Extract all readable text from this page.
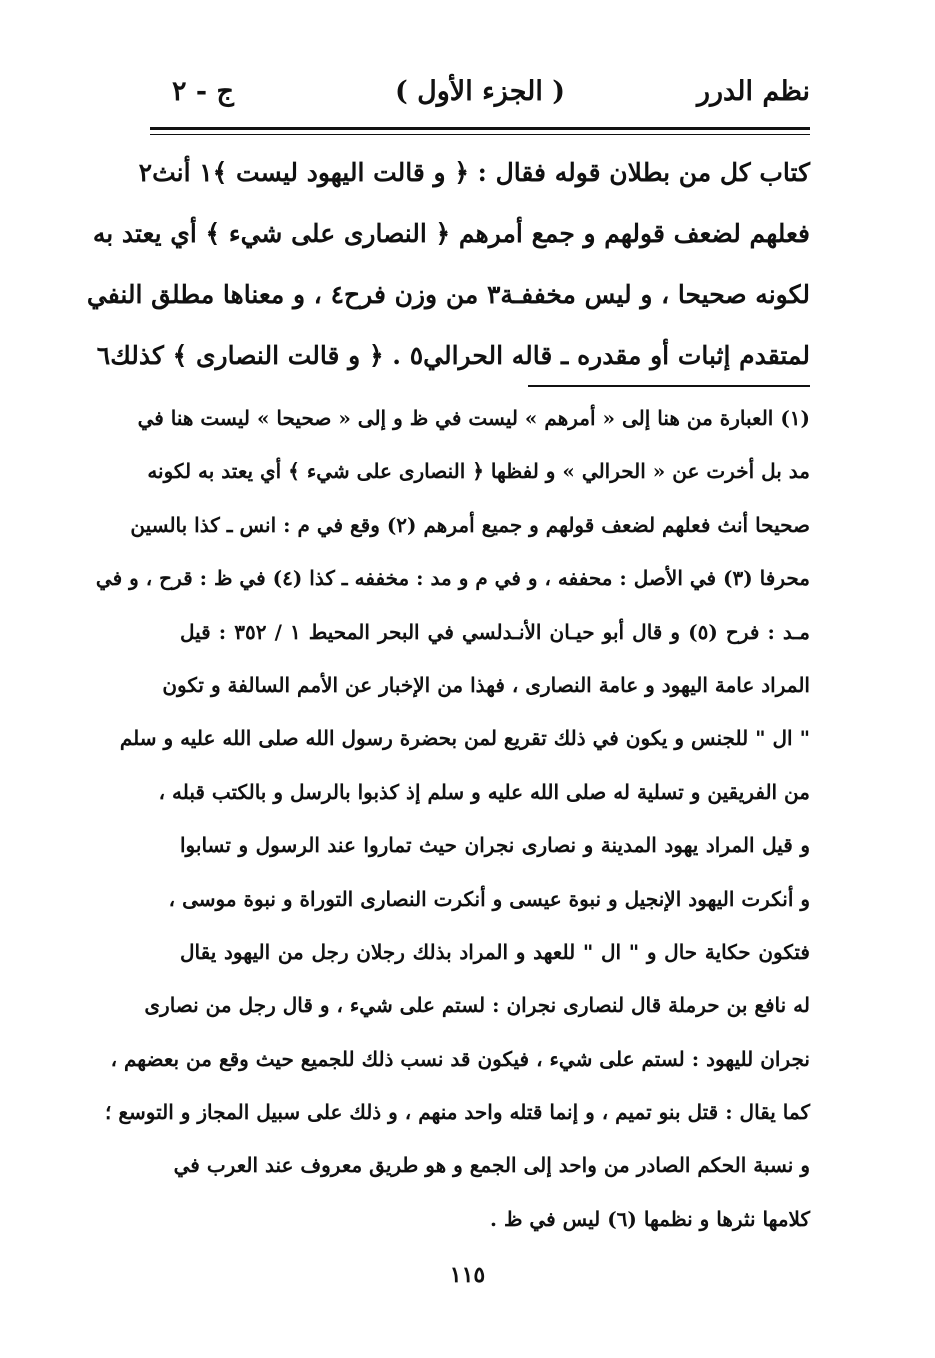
نظم الدرر
( الجزء الأول )
ج - ٢
كتاب كل من بطلان قوله فقال : ﴿ و قالت اليهود ليست ﴾١ أنث٢
فعلهم لضعف قولهم و جمع أمرهم ﴿ النصارى على شيء ﴾ أي يعتد به
لكونه صحيحا ، و ليس مخففـة٣ من وزن فرح٤ ، و معناها مطلق النفي
لمتقدم إثبات أو مقدره ـ قاله الحرالي٥ . ﴿ و قالت النصارى ﴾ كذلك٦
(١) العبارة من هنا إلى « أمرهم » ليست في ظ و إلى « صحيحا » ليست هنا في
مد بل أخرت عن « الحرالي » و لفظها ﴿ النصارى على شيء ﴾ أي يعتد به لكونه
صحيحا أنث فعلهم لضعف قولهم و جميع أمرهم (٢) وقع في م : انس ـ كذا بالسين
محرفا (٣) في الأصل : محففه ، و في م و مد : مخففه ـ كذا (٤) في ظ : قرح ، و في
مـد : فرح (٥) و قال أبو حيـان الأنـدلسي في البحر المحيط ١ / ٣٥٢ : قيل
المراد عامة اليهود و عامة النصارى ، فهذا من الإخبار عن الأمم السالفة و تكون
" ال " للجنس و يكون في ذلك تقريع لمن بحضرة رسول الله صلى الله عليه و سلم
من الفريقين و تسلية له صلى الله عليه و سلم إذ كذبوا بالرسل و بالكتب قبله ،
و قيل المراد يهود المدينة و نصارى نجران حيث تماروا عند الرسول و تسابوا
و أنكرت اليهود الإنجيل و نبوة عيسى و أنكرت النصارى التوراة و نبوة موسى ،
فتكون حكاية حال و " ال " للعهد و المراد بذلك رجلان رجل من اليهود يقال
له نافع بن حرملة قال لنصارى نجران : لستم على شيء ، و قال رجل من نصارى
نجران لليهود : لستم على شيء ، فيكون قد نسب ذلك للجميع حيث وقع من بعضهم ،
كما يقال : قتل بنو تميم ، و إنما قتله واحد منهم ، و ذلك على سبيل المجاز و التوسع ؛
و نسبة الحكم الصادر من واحد إلى الجمع و هو طريق معروف عند العرب في
كلامها نثرها و نظمها (٦) ليس في ظ .
١١٥
